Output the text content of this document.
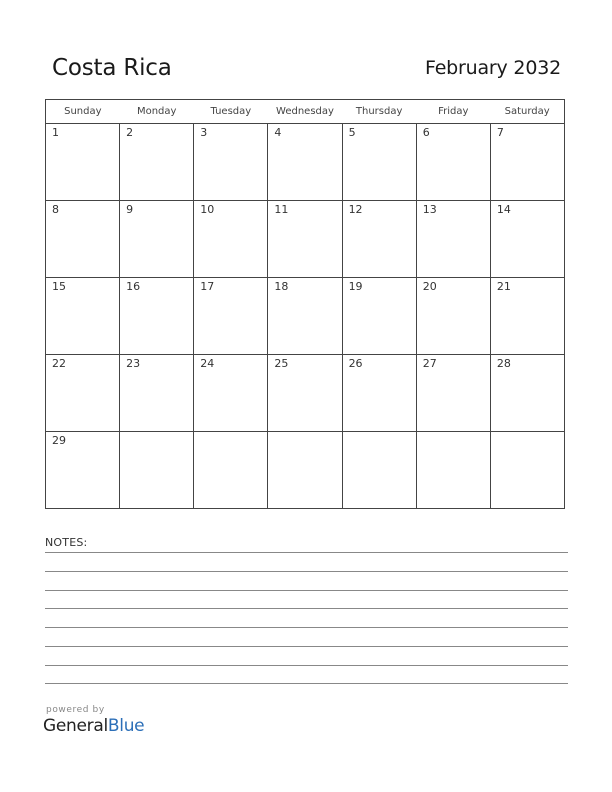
Costa Rica	February 2032
Sunday	Monday	Tuesday	Wednesday	Thursday	Friday	Saturday

1	2	3	4	5	6	7

8	9	10	11	12	13	14

15	16	17	18	19	20	21

22	23	24	25	26	27	28

29						

NOTES:
powered by
GeneralBlue
